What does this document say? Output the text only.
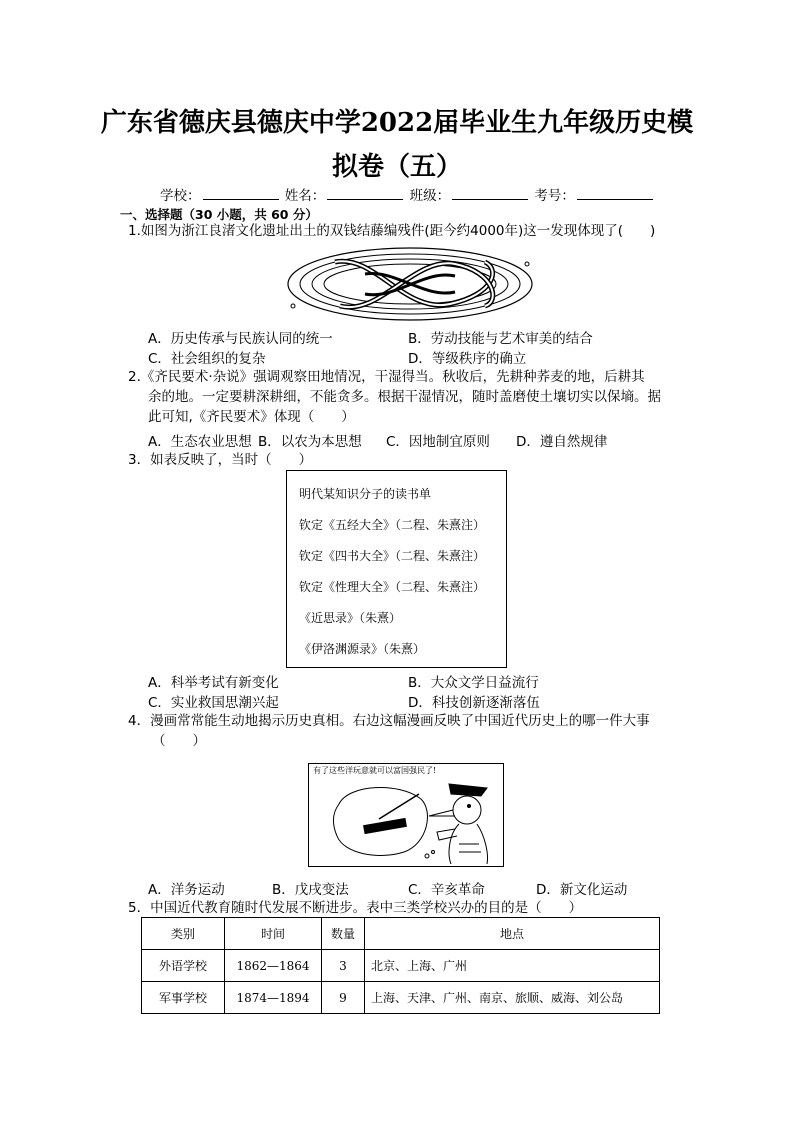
广东省德庆县德庆中学2022届毕业生九年级历史模
拟卷（五）
学校：	姓名：	班级：	考号：
一、选择题（30 小题，共 60 分）
1.如图为浙江良渚文化遗址出土的双钱结藤编残件(距今约4000年)这一发现体现了(　　)
A．历史传承与民族认同的统一	B．劳动技能与艺术审美的结合
C．社会组织的复杂	D．等级秩序的确立
2.《齐民要术·杂说》强调观察田地情况，干湿得当。秋收后，先耕种荞麦的地，后耕其
余的地。一定要耕深耕细，不能贪多。根据干湿情况，随时盖磨使土壤切实以保墒。据
此可知,《齐民要术》体现（　　）
A．生态农业思想 B．以农为本思想 C．因地制宜原则 D．遵自然规律
3．如表反映了，当时（　　）
明代某知识分子的读书单
钦定《五经大全》（二程、朱熹注）
钦定《四书大全》（二程、朱熹注）
钦定《性理大全》（二程、朱熹注）
《近思录》（朱熹）
《伊洛渊源录》（朱熹）
A．科举考试有新变化	B．大众文学日益流行
C．实业救国思潮兴起	D．科技创新逐渐落伍
4．漫画常常能生动地揭示历史真相。右边这幅漫画反映了中国近代历史上的哪一件大事
（　　）
有了这些洋玩意就可以富国强民了!
A．洋务运动	B．戊戌变法	C．辛亥革命	D．新文化运动
5．中国近代教育随时代发展不断进步。表中三类学校兴办的目的是（　　）
类别	时间	数量	地点
外语学校	1862—1864	3	北京、上海、广州
军事学校	1874—1894	9	上海、天津、广州、南京、旅顺、威海、刘公岛
